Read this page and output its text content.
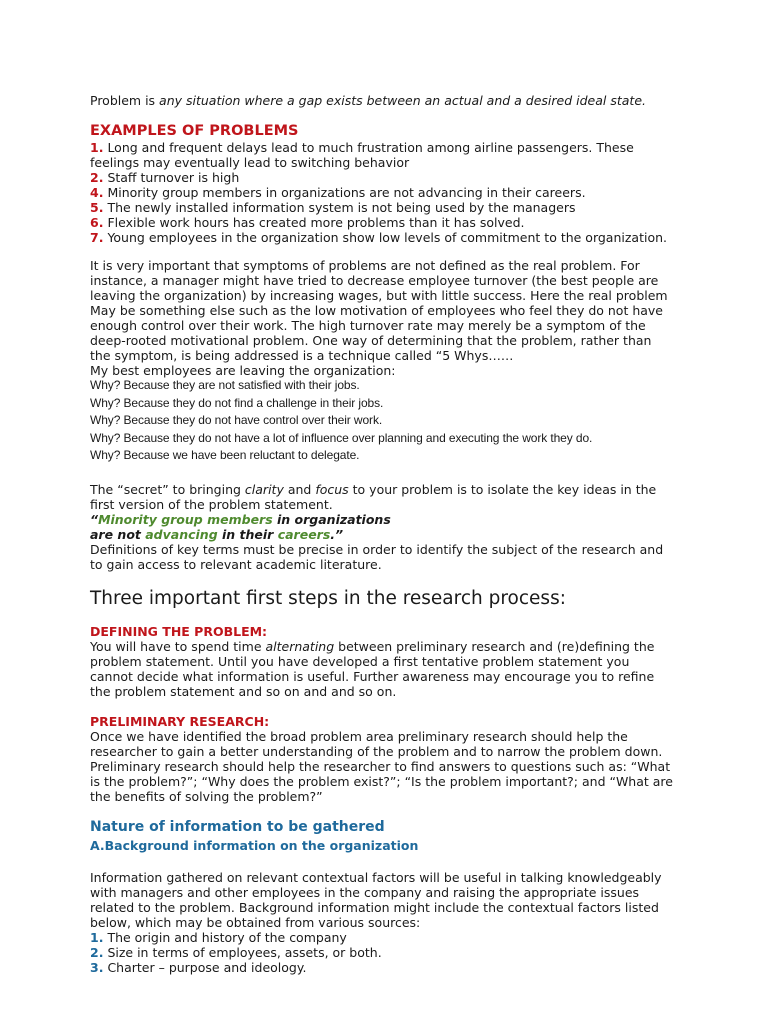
Problem is any situation where a gap exists between an actual and a desired ideal state.
EXAMPLES OF PROBLEMS
1. Long and frequent delays lead to much frustration among airline passengers. These
feelings may eventually lead to switching behavior
2. Staff turnover is high
4. Minority group members in organizations are not advancing in their careers.
5. The newly installed information system is not being used by the managers
6. Flexible work hours has created more problems than it has solved.
7. Young employees in the organization show low levels of commitment to the organization.
It is very important that symptoms of problems are not defined as the real problem. For
instance, a manager might have tried to decrease employee turnover (the best people are
leaving the organization) by increasing wages, but with little success. Here the real problem
May be something else such as the low motivation of employees who feel they do not have
enough control over their work. The high turnover rate may merely be a symptom of the
deep-rooted motivational problem. One way of determining that the problem, rather than
the symptom, is being addressed is a technique called “5 Whys……
My best employees are leaving the organization:
Why? Because they are not satisfied with their jobs.
Why? Because they do not find a challenge in their jobs.
Why? Because they do not have control over their work.
Why? Because they do not have a lot of influence over planning and executing the work they do.
Why? Because we have been reluctant to delegate.
The “secret” to bringing clarity and focus to your problem is to isolate the key ideas in the
first version of the problem statement.
“Minority group members in organizations
are not advancing in their careers.”
Definitions of key terms must be precise in order to identify the subject of the research and
to gain access to relevant academic literature.
Three important first steps in the research process:
DEFINING THE PROBLEM:
You will have to spend time alternating between preliminary research and (re)defining the
problem statement. Until you have developed a first tentative problem statement you
cannot decide what information is useful. Further awareness may encourage you to refine
the problem statement and so on and and so on.
PRELIMINARY RESEARCH:
Once we have identified the broad problem area preliminary research should help the
researcher to gain a better understanding of the problem and to narrow the problem down.
Preliminary research should help the researcher to find answers to questions such as: “What
is the problem?”; “Why does the problem exist?”; “Is the problem important?; and “What are
the benefits of solving the problem?”
Nature of information to be gathered
A.Background information on the organization
Information gathered on relevant contextual factors will be useful in talking knowledgeably
with managers and other employees in the company and raising the appropriate issues
related to the problem. Background information might include the contextual factors listed
below, which may be obtained from various sources:
1. The origin and history of the company
2. Size in terms of employees, assets, or both.
3. Charter – purpose and ideology.
